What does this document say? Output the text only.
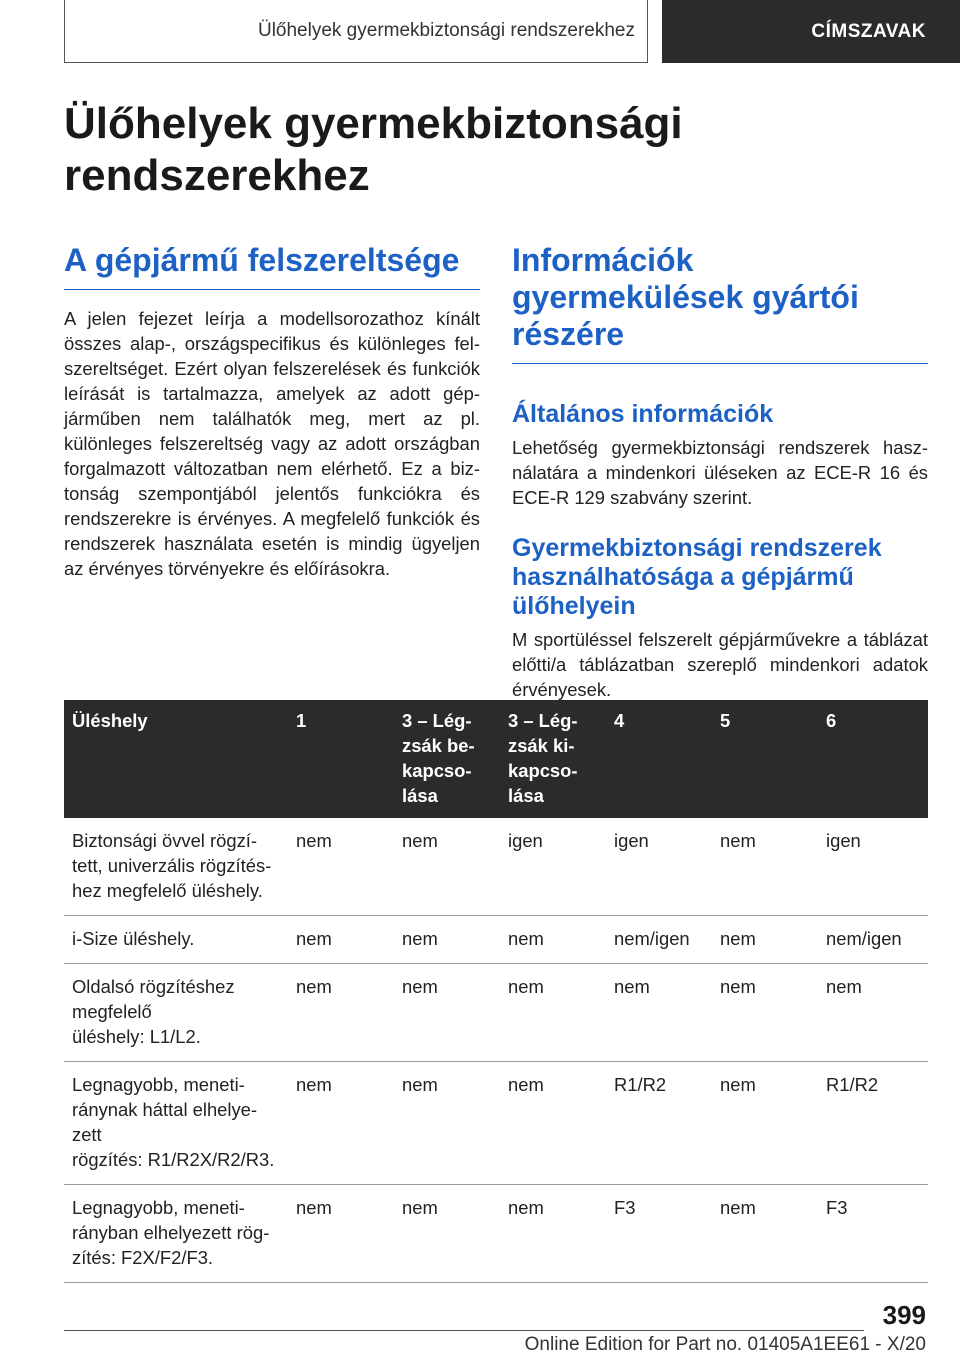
Ülőhelyek gyermekbiztonsági rendszerekhez	CÍMSZAVAK
Ülőhelyek gyermekbiztonsági rendszerekhez
A gépjármű felszereltsége

A jelen fejezet leírja a modellsorozathoz kínált összes alap-, országspecifikus és különleges felszereltséget. Ezért olyan felszerelések és funkciók leírását is tartalmazza, amelyek az adott gépjárműben nem találhatók meg, mert az pl. különleges felszereltség vagy az adott országban forgalmazott változatban nem elérhető. Ez a biztonság szempontjából jelentős funkciókra és rendszerekre is érvényes. A megfelelő funkciók és rendszerek használata esetén is mindig ügyeljen az érvényes törvényekre és előírásokra.

Információk gyermekülések gyártói részére
Általános információk

Lehetőség gyermekbiztonsági rendszerek használatára a mindenkori üléseken az ECE-R 16 és ECE-R 129 szabvány szerint.

Gyermekbiztonsági rendszerek használhatósága a gépjármű ülőhelyein

M sportüléssel felszerelt gépjárművekre a táblázat előtti/a táblázatban szereplő mindenkori adatok érvényesek.

Üléshely	1	3 – Légzsák bekapcsolása	3 – Légzsák kikapcsolása	4	5	6
Biztonsági övvel rögzített, univerzális rögzítéshez megfelelő üléshely.	nem	nem	igen	igen	nem	igen
i-Size üléshely.	nem	nem	nem	nem/igen	nem	nem/igen
Oldalsó rögzítéshez megfelelő
üléshely: L1/L2.	nem	nem	nem	nem	nem	nem
Legnagyobb, menetiránynak háttal elhelyezett
rögzítés: R1/R2X/R2/R3.	nem	nem	nem	R1/R2	nem	R1/R2
Legnagyobb, menetirányban elhelyezett rögzítés: F2X/F2/F3.	nem	nem	nem	F3	nem	F3
399
Online Edition for Part no. 01405A1EE61 - X/20
